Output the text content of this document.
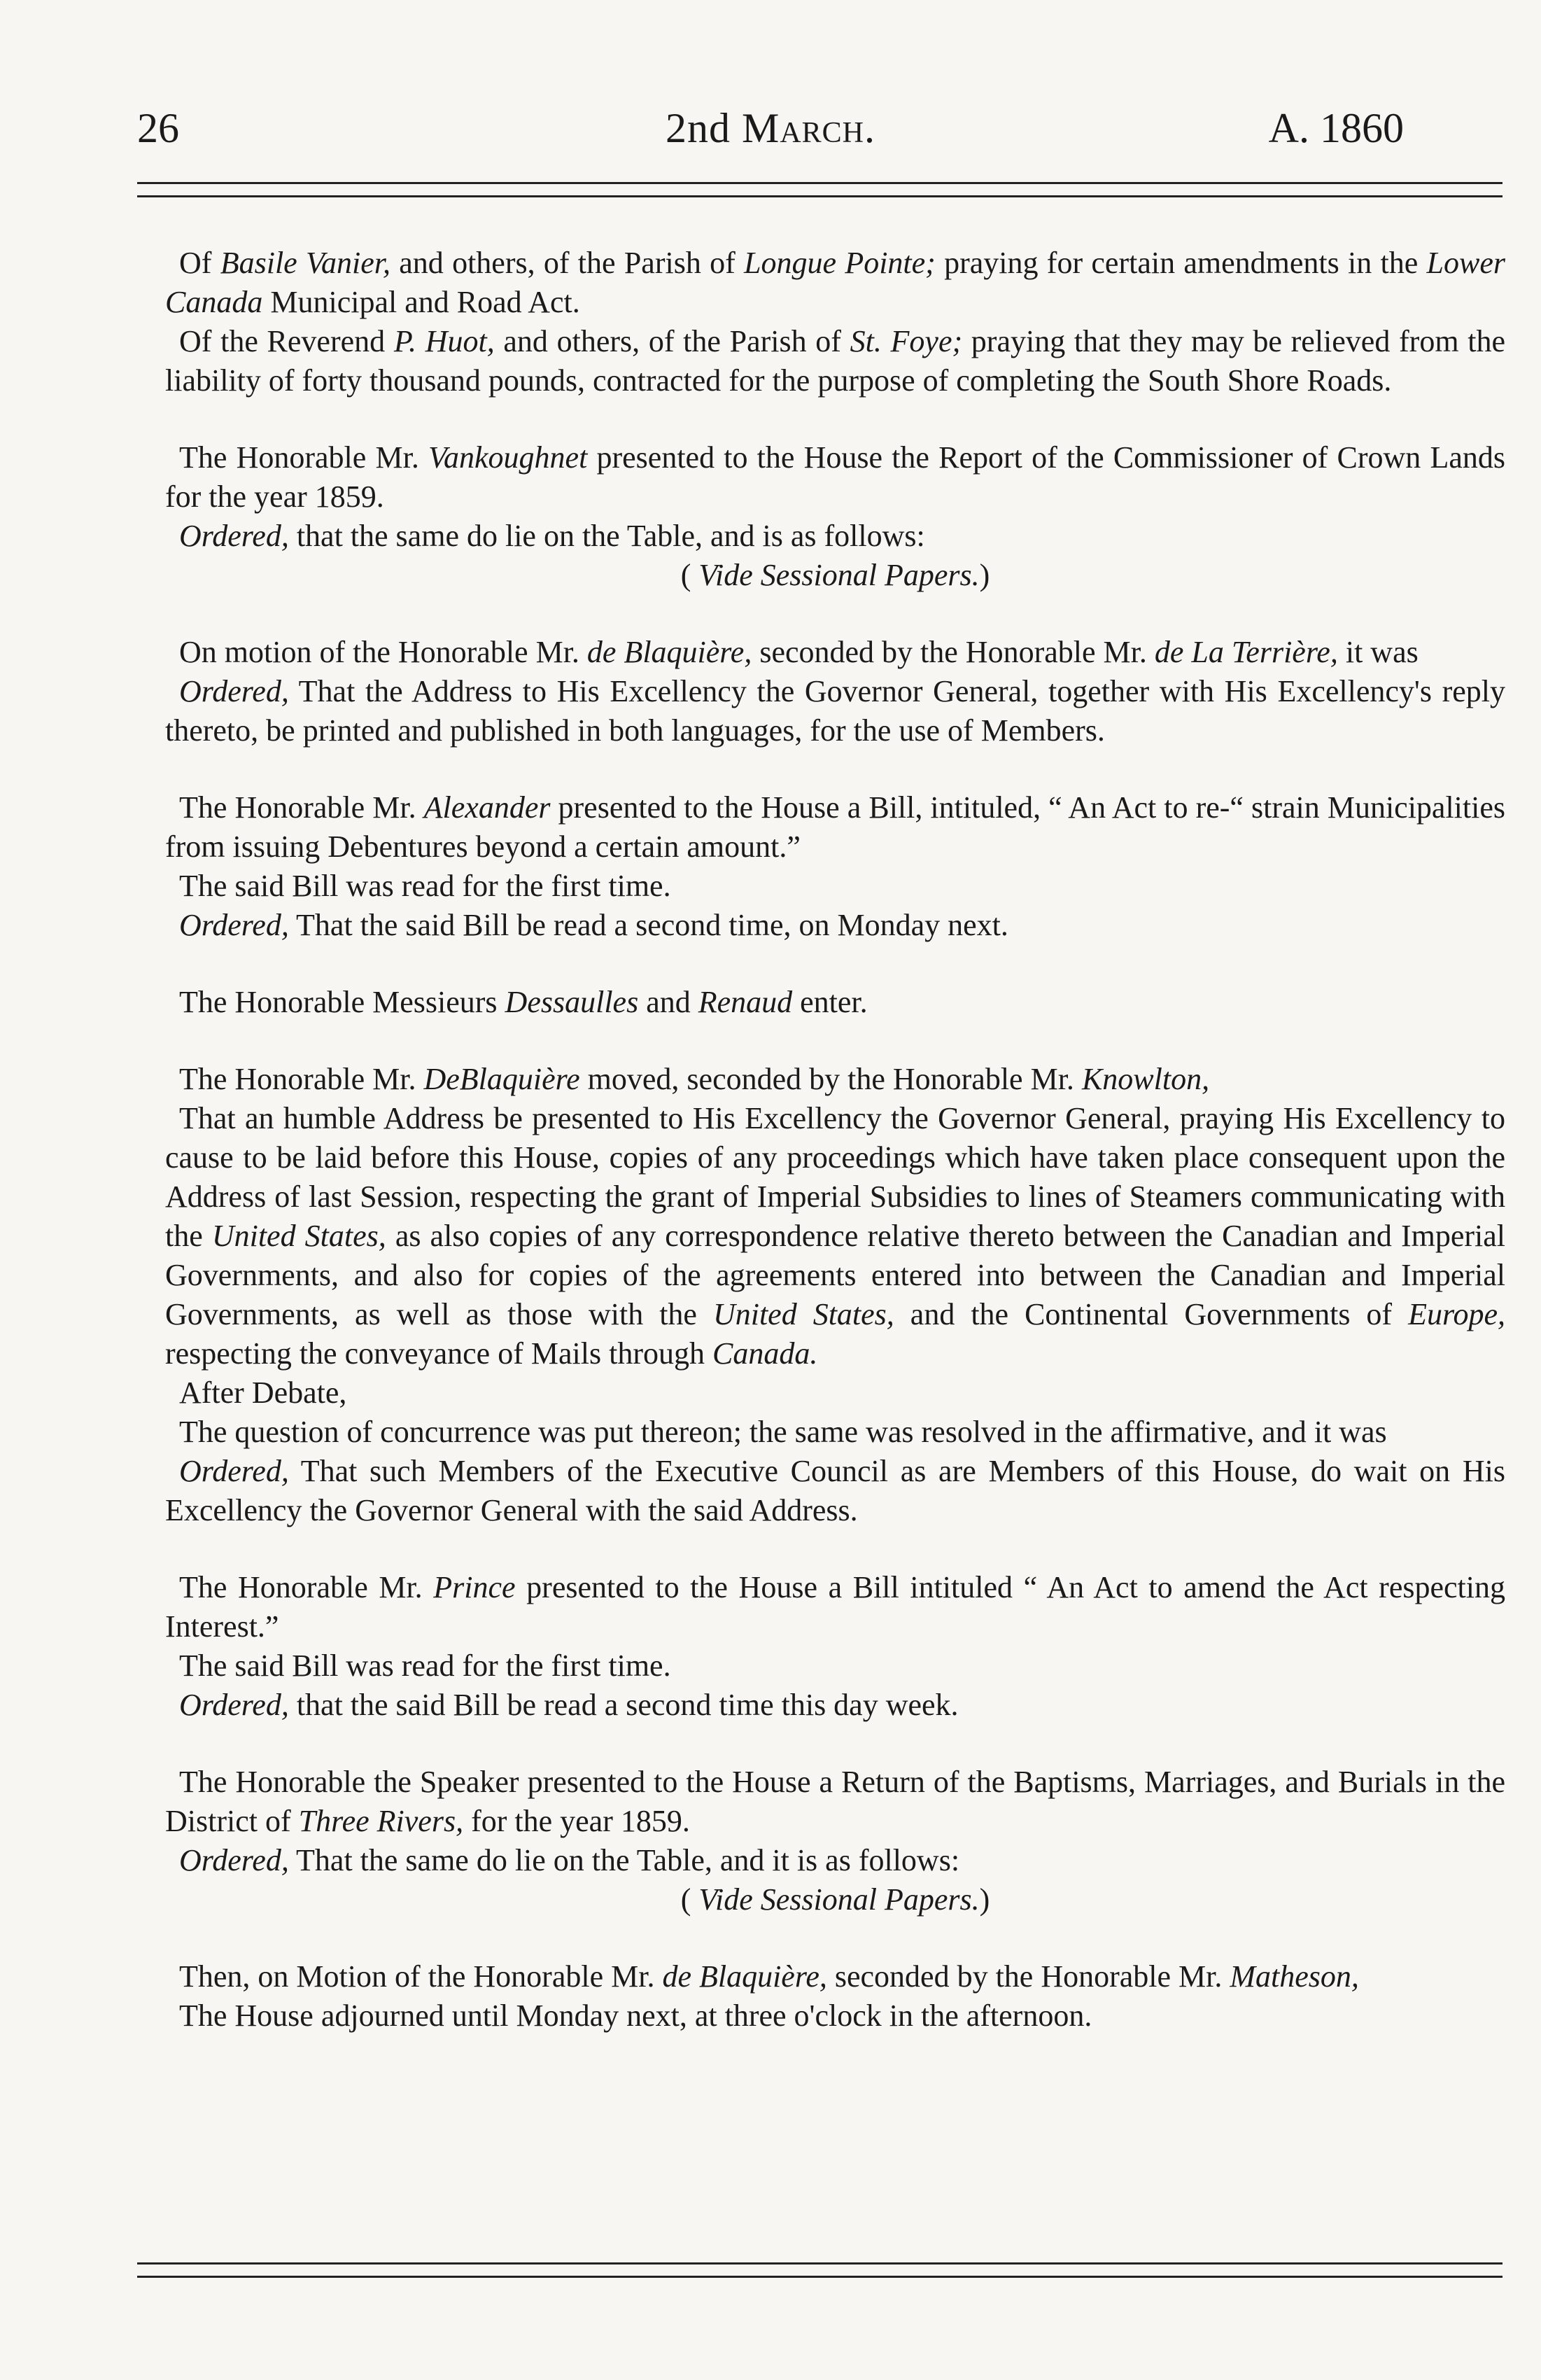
26	2nd March.	A. 1860

Of Basile Vanier, and others, of the Parish of Longue Pointe; praying for certain amendments in the Lower Canada Municipal and Road Act.

Of the Reverend P. Huot, and others, of the Parish of St. Foye; praying that they may be relieved from the liability of forty thousand pounds, contracted for the purpose of completing the South Shore Roads.

The Honorable Mr. Vankoughnet presented to the House the Report of the Commissioner of Crown Lands for the year 1859.

Ordered, that the same do lie on the Table, and is as follows:

( Vide Sessional Papers.)

On motion of the Honorable Mr. de Blaquière, seconded by the Honorable Mr. de La Terrière, it was

Ordered, That the Address to His Excellency the Governor General, together with His Excellency's reply thereto, be printed and published in both languages, for the use of Members.

The Honorable Mr. Alexander presented to the House a Bill, intituled, “ An Act to re-“ strain Municipalities from issuing Debentures beyond a certain amount.”

The said Bill was read for the first time.

Ordered, That the said Bill be read a second time, on Monday next.

The Honorable Messieurs Dessaulles and Renaud enter.

The Honorable Mr. DeBlaquière moved, seconded by the Honorable Mr. Knowlton,

That an humble Address be presented to His Excellency the Governor General, praying His Excellency to cause to be laid before this House, copies of any proceedings which have taken place consequent upon the Address of last Session, respecting the grant of Imperial Subsidies to lines of Steamers communicating with the United States, as also copies of any correspondence relative thereto between the Canadian and Imperial Governments, and also for copies of the agreements entered into between the Canadian and Imperial Governments, as well as those with the United States, and the Continental Governments of Europe, respecting the conveyance of Mails through Canada.

After Debate,

The question of concurrence was put thereon; the same was resolved in the affirmative, and it was

Ordered, That such Members of the Executive Council as are Members of this House, do wait on His Excellency the Governor General with the said Address.

The Honorable Mr. Prince presented to the House a Bill intituled “ An Act to amend the Act respecting Interest.”

The said Bill was read for the first time.

Ordered, that the said Bill be read a second time this day week.

The Honorable the Speaker presented to the House a Return of the Baptisms, Marriages, and Burials in the District of Three Rivers, for the year 1859.

Ordered, That the same do lie on the Table, and it is as follows:

( Vide Sessional Papers.)

Then, on Motion of the Honorable Mr. de Blaquière, seconded by the Honorable Mr. Matheson,

The House adjourned until Monday next, at three o'clock in the afternoon.
